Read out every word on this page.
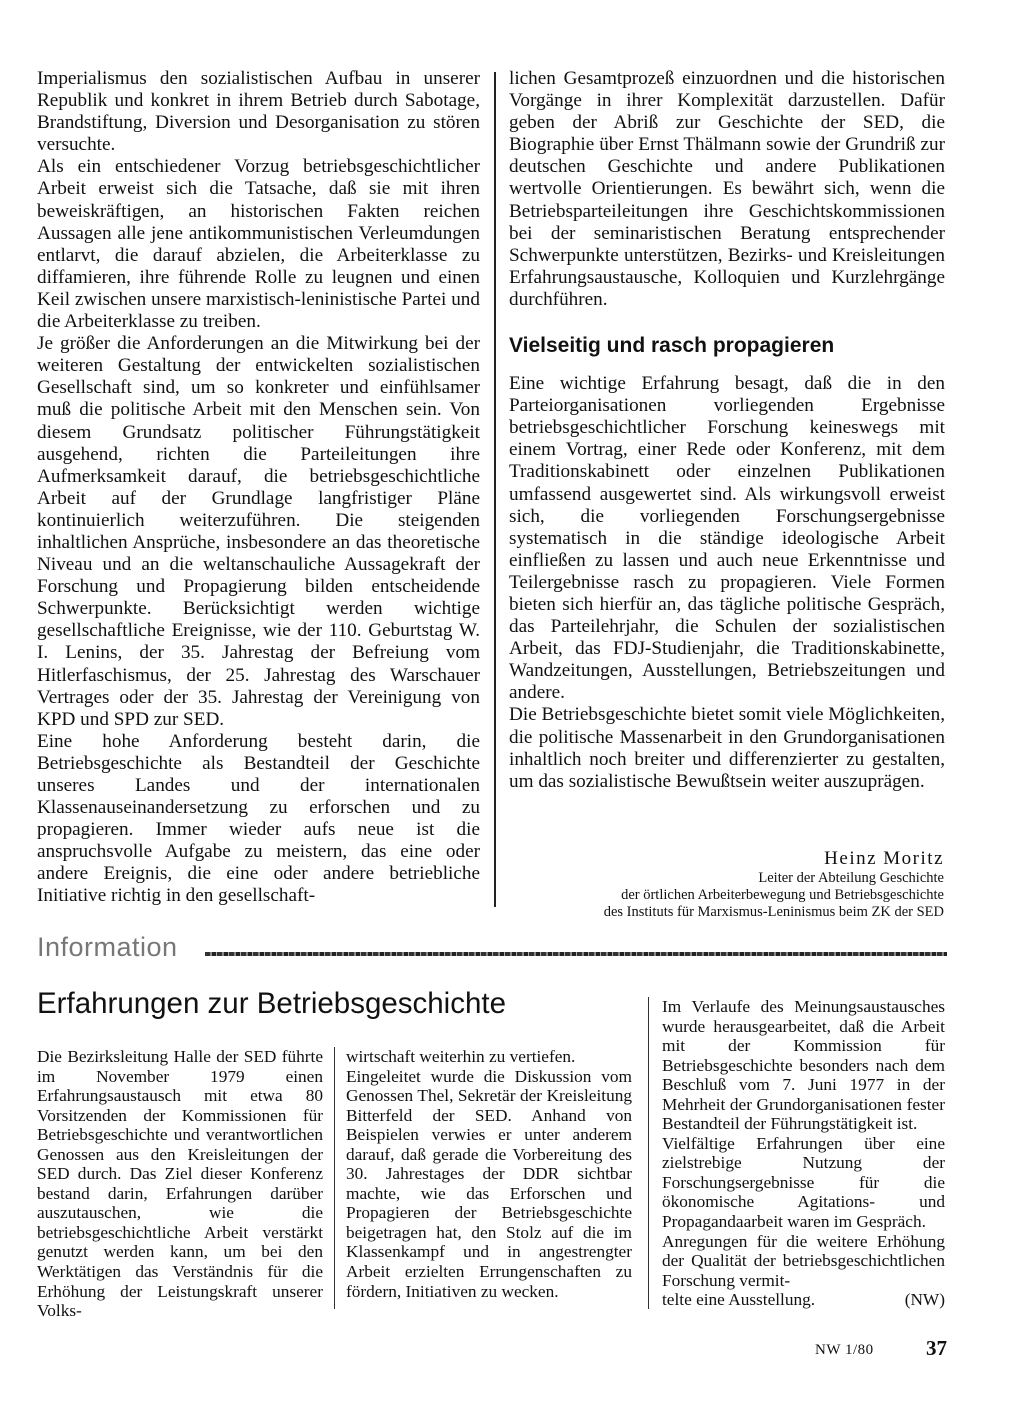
Imperialismus den sozialistischen Aufbau in unserer Republik und konkret in ihrem Betrieb durch Sabotage, Brandstiftung, Diversion und Desorganisation zu stören versuchte.

Als ein entschiedener Vorzug betriebsgeschichtlicher Arbeit erweist sich die Tatsache, daß sie mit ihren beweiskräftigen, an historischen Fakten reichen Aussagen alle jene antikommunistischen Verleumdungen entlarvt, die darauf abzielen, die Arbeiterklasse zu diffamieren, ihre führende Rolle zu leugnen und einen Keil zwischen unsere marxistisch-leninistische Partei und die Arbeiterklasse zu treiben.

Je größer die Anforderungen an die Mitwirkung bei der weiteren Gestaltung der entwickelten sozialistischen Gesellschaft sind, um so konkreter und einfühlsamer muß die politische Arbeit mit den Menschen sein. Von diesem Grundsatz politischer Führungstätigkeit ausgehend, richten die Parteileitungen ihre Aufmerksamkeit darauf, die betriebsgeschichtliche Arbeit auf der Grundlage langfristiger Pläne kontinuierlich weiterzuführen. Die steigenden inhaltlichen Ansprüche, insbesondere an das theoretische Niveau und an die weltanschauliche Aussagekraft der Forschung und Propagierung bilden entscheidende Schwerpunkte. Berücksichtigt werden wichtige gesellschaftliche Ereignisse, wie der 110. Geburtstag W. I. Lenins, der 35. Jahrestag der Befreiung vom Hitlerfaschismus, der 25. Jahrestag des Warschauer Vertrages oder der 35. Jahrestag der Vereinigung von KPD und SPD zur SED.

Eine hohe Anforderung besteht darin, die Betriebsgeschichte als Bestandteil der Geschichte unseres Landes und der internationalen Klassenauseinandersetzung zu erforschen und zu propagieren. Immer wieder aufs neue ist die anspruchsvolle Aufgabe zu meistern, das eine oder andere Ereignis, die eine oder andere betriebliche Initiative richtig in den gesellschaft-

lichen Gesamtprozeß einzuordnen und die historischen Vorgänge in ihrer Komplexität darzustellen. Dafür geben der Abriß zur Geschichte der SED, die Biographie über Ernst Thälmann sowie der Grundriß zur deutschen Geschichte und andere Publikationen wertvolle Orientierungen. Es bewährt sich, wenn die Betriebsparteileitungen ihre Geschichtskommissionen bei der seminaristischen Beratung entsprechender Schwerpunkte unterstützen, Bezirks- und Kreisleitungen Erfahrungsaustausche, Kolloquien und Kurzlehrgänge durchführen.

Vielseitig und rasch propagieren

Eine wichtige Erfahrung besagt, daß die in den Parteiorganisationen vorliegenden Ergebnisse betriebsgeschichtlicher Forschung keineswegs mit einem Vortrag, einer Rede oder Konferenz, mit dem Traditionskabinett oder einzelnen Publikationen umfassend ausgewertet sind. Als wirkungsvoll erweist sich, die vorliegenden Forschungsergebnisse systematisch in die ständige ideologische Arbeit einfließen zu lassen und auch neue Erkenntnisse und Teilergebnisse rasch zu propagieren. Viele Formen bieten sich hierfür an, das tägliche politische Gespräch, das Parteilehrjahr, die Schulen der sozialistischen Arbeit, das FDJ-Studienjahr, die Traditionskabinette, Wandzeitungen, Ausstellungen, Betriebszeitungen und andere.

Die Betriebsgeschichte bietet somit viele Möglichkeiten, die politische Massenarbeit in den Grundorganisationen inhaltlich noch breiter und differenzierter zu gestalten, um das sozialistische Bewußtsein weiter auszuprägen.

Heinz Moritz
Leiter der Abteilung Geschichte
der örtlichen Arbeiterbewegung und Betriebsgeschichte
des Instituts für Marxismus-Leninismus beim ZK der SED
Information
Erfahrungen zur Betriebsgeschichte

Die Bezirksleitung Halle der SED führte im November 1979 einen Erfahrungsaustausch mit etwa 80 Vorsitzenden der Kommissionen für Betriebsgeschichte und verantwortlichen Genossen aus den Kreisleitungen der SED durch. Das Ziel dieser Konferenz bestand darin, Erfahrungen darüber auszutauschen, wie die betriebsgeschichtliche Arbeit verstärkt genutzt werden kann, um bei den Werktätigen das Verständnis für die Erhöhung der Leistungskraft unserer Volks-

wirtschaft weiterhin zu vertiefen.

Eingeleitet wurde die Diskussion vom Genossen Thel, Sekretär der Kreisleitung Bitterfeld der SED. Anhand von Beispielen verwies er unter anderem darauf, daß gerade die Vorbereitung des 30. Jahrestages der DDR sichtbar machte, wie das Erforschen und Propagieren der Betriebsgeschichte beigetragen hat, den Stolz auf die im Klassenkampf und in angestrengter Arbeit erzielten Errungenschaften zu fördern, Initiativen zu wecken.

Im Verlaufe des Meinungsaustausches wurde herausgearbeitet, daß die Arbeit mit der Kommission für Betriebsgeschichte besonders nach dem Beschluß vom 7. Juni 1977 in der Mehrheit der Grundorganisationen fester Bestandteil der Führungstätigkeit ist.

Vielfältige Erfahrungen über eine zielstrebige Nutzung der Forschungsergebnisse für die ökonomische Agitations- und Propagandaarbeit waren im Gespräch.

Anregungen für die weitere Erhöhung der Qualität der betriebsgeschichtlichen Forschung vermit-

telte eine Ausstellung.	(NW)
NW 1/80 37
